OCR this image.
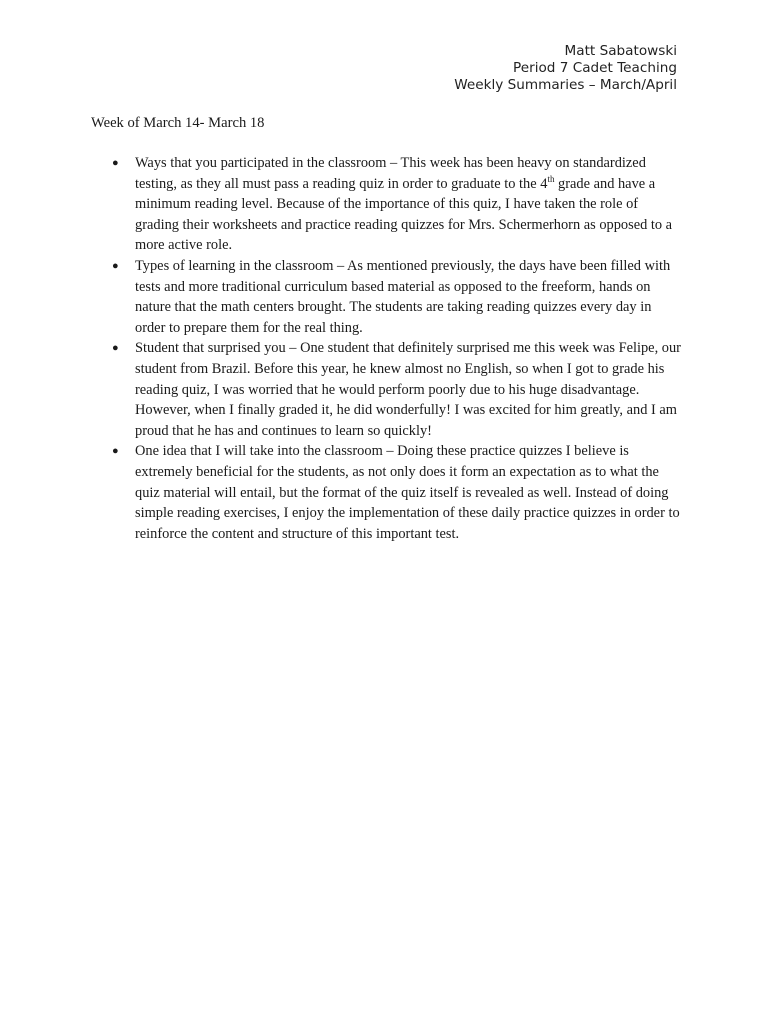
Matt Sabatowski
Period 7 Cadet Teaching
Weekly Summaries – March/April
Week of March 14- March 18
● Ways that you participated in the classroom – This week has been heavy on standardized testing, as they all must pass a reading quiz in order to graduate to the 4th grade and have a minimum reading level. Because of the importance of this quiz, I have taken the role of grading their worksheets and practice reading quizzes for Mrs. Schermerhorn as opposed to a more active role.
● Types of learning in the classroom – As mentioned previously, the days have been filled with tests and more traditional curriculum based material as opposed to the freeform, hands on nature that the math centers brought. The students are taking reading quizzes every day in order to prepare them for the real thing.
● Student that surprised you – One student that definitely surprised me this week was Felipe, our student from Brazil. Before this year, he knew almost no English, so when I got to grade his reading quiz, I was worried that he would perform poorly due to his huge disadvantage. However, when I finally graded it, he did wonderfully! I was excited for him greatly, and I am proud that he has and continues to learn so quickly!
● One idea that I will take into the classroom – Doing these practice quizzes I believe is extremely beneficial for the students, as not only does it form an expectation as to what the quiz material will entail, but the format of the quiz itself is revealed as well. Instead of doing simple reading exercises, I enjoy the implementation of these daily practice quizzes in order to reinforce the content and structure of this important test.
